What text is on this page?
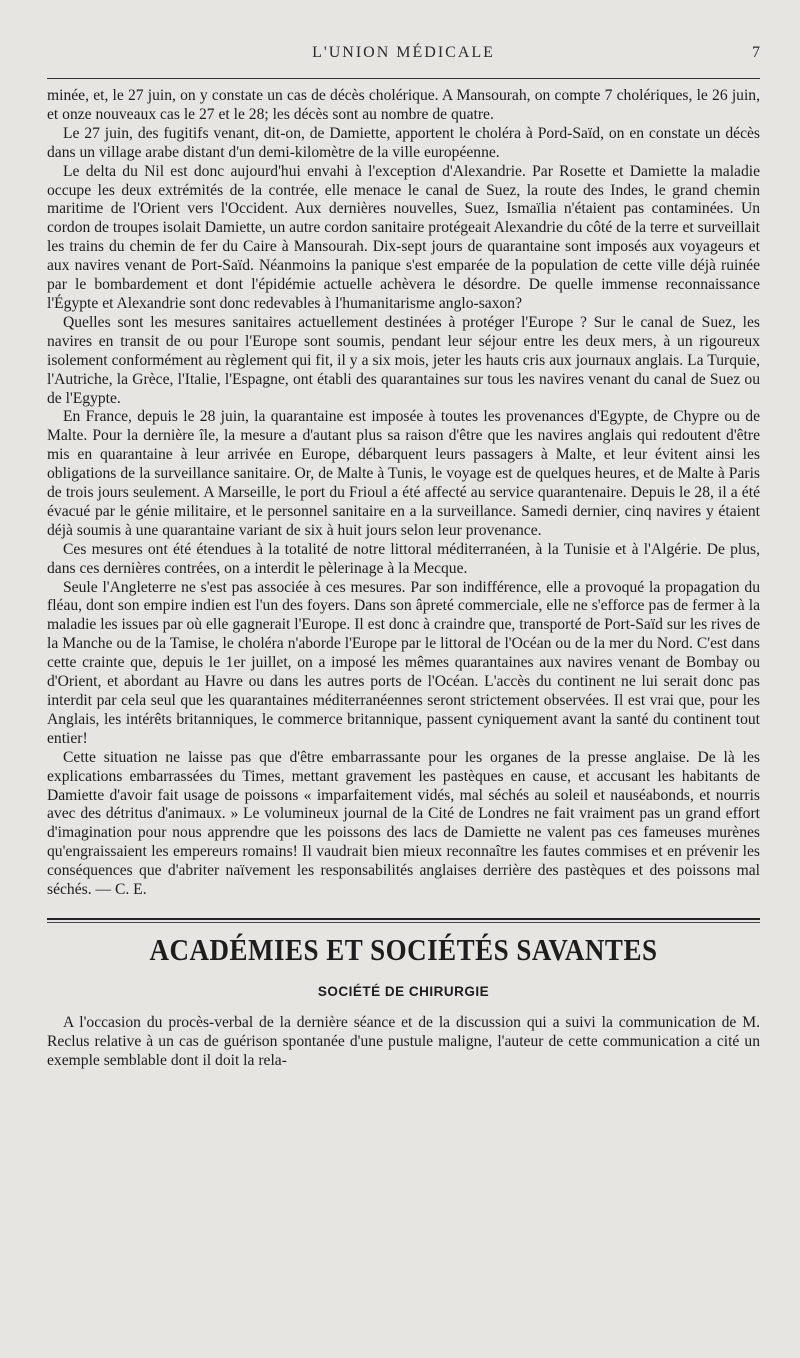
L'UNION MÉDICALE	7

minée, et, le 27 juin, on y constate un cas de décès cholérique. A Mansourah, on compte 7 cholériques, le 26 juin, et onze nouveaux cas le 27 et le 28; les décès sont au nombre de quatre.

Le 27 juin, des fugitifs venant, dit-on, de Damiette, apportent le choléra à Pord-Saïd, on en constate un décès dans un village arabe distant d'un demi-kilomètre de la ville européenne.

Le delta du Nil est donc aujourd'hui envahi à l'exception d'Alexandrie. Par Rosette et Damiette la maladie occupe les deux extrémités de la contrée, elle menace le canal de Suez, la route des Indes, le grand chemin maritime de l'Orient vers l'Occident. Aux dernières nouvelles, Suez, Ismaïlia n'étaient pas contaminées. Un cordon de troupes isolait Damiette, un autre cordon sanitaire protégeait Alexandrie du côté de la terre et surveillait les trains du chemin de fer du Caire à Mansourah. Dix-sept jours de quarantaine sont imposés aux voyageurs et aux navires venant de Port-Saïd. Néanmoins la panique s'est emparée de la population de cette ville déjà ruinée par le bombardement et dont l'épidémie actuelle achèvera le désordre. De quelle immense reconnaissance l'Égypte et Alexandrie sont donc redevables à l'humanitarisme anglo-saxon?

Quelles sont les mesures sanitaires actuellement destinées à protéger l'Europe ? Sur le canal de Suez, les navires en transit de ou pour l'Europe sont soumis, pendant leur séjour entre les deux mers, à un rigoureux isolement conformément au règlement qui fit, il y a six mois, jeter les hauts cris aux journaux anglais. La Turquie, l'Autriche, la Grèce, l'Italie, l'Espagne, ont établi des quarantaines sur tous les navires venant du canal de Suez ou de l'Egypte.

En France, depuis le 28 juin, la quarantaine est imposée à toutes les provenances d'Egypte, de Chypre ou de Malte. Pour la dernière île, la mesure a d'autant plus sa raison d'être que les navires anglais qui redoutent d'être mis en quarantaine à leur arrivée en Europe, débarquent leurs passagers à Malte, et leur évitent ainsi les obligations de la surveillance sanitaire. Or, de Malte à Tunis, le voyage est de quelques heures, et de Malte à Paris de trois jours seulement. A Marseille, le port du Frioul a été affecté au service quarantenaire. Depuis le 28, il a été évacué par le génie militaire, et le personnel sanitaire en a la surveillance. Samedi dernier, cinq navires y étaient déjà soumis à une quarantaine variant de six à huit jours selon leur provenance.

Ces mesures ont été étendues à la totalité de notre littoral méditerranéen, à la Tunisie et à l'Algérie. De plus, dans ces dernières contrées, on a interdit le pèlerinage à la Mecque.

Seule l'Angleterre ne s'est pas associée à ces mesures. Par son indifférence, elle a provoqué la propagation du fléau, dont son empire indien est l'un des foyers. Dans son âpreté commerciale, elle ne s'efforce pas de fermer à la maladie les issues par où elle gagnerait l'Europe. Il est donc à craindre que, transporté de Port-Saïd sur les rives de la Manche ou de la Tamise, le choléra n'aborde l'Europe par le littoral de l'Océan ou de la mer du Nord. C'est dans cette crainte que, depuis le 1er juillet, on a imposé les mêmes quarantaines aux navires venant de Bombay ou d'Orient, et abordant au Havre ou dans les autres ports de l'Océan. L'accès du continent ne lui serait donc pas interdit par cela seul que les quarantaines méditerranéennes seront strictement observées. Il est vrai que, pour les Anglais, les intérêts britanniques, le commerce britannique, passent cyniquement avant la santé du continent tout entier!

Cette situation ne laisse pas que d'être embarrassante pour les organes de la presse anglaise. De là les explications embarrassées du Times, mettant gravement les pastèques en cause, et accusant les habitants de Damiette d'avoir fait usage de poissons « imparfaitement vidés, mal séchés au soleil et nauséabonds, et nourris avec des détritus d'animaux. » Le volumineux journal de la Cité de Londres ne fait vraiment pas un grand effort d'imagination pour nous apprendre que les poissons des lacs de Damiette ne valent pas ces fameuses murènes qu'engraissaient les empereurs romains! Il vaudrait bien mieux reconnaître les fautes commises et en prévenir les conséquences que d'abriter naïvement les responsabilités anglaises derrière des pastèques et des poissons mal séchés. — C. E.

ACADÉMIES ET SOCIÉTÉS SAVANTES
SOCIÉTÉ DE CHIRURGIE

A l'occasion du procès-verbal de la dernière séance et de la discussion qui a suivi la communication de M. Reclus relative à un cas de guérison spontanée d'une pustule maligne, l'auteur de cette communication a cité un exemple semblable dont il doit la rela-
